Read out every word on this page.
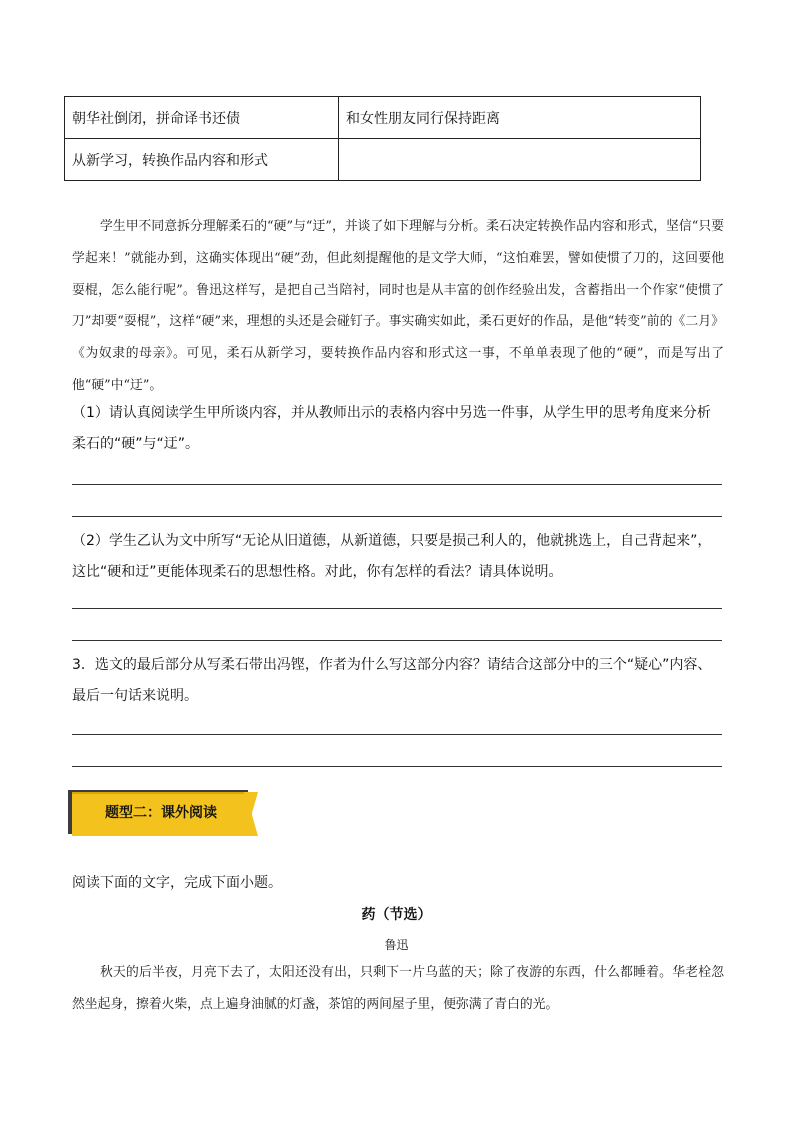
朝华社倒闭，拼命译书还债	和女性朋友同行保持距离
从新学习，转换作品内容和形式	

学生甲不同意拆分理解柔石的“硬”与“迂”，并谈了如下理解与分析。柔石决定转换作品内容和形式，坚信“只要学起来！”就能办到，这确实体现出“硬”劲，但此刻提醒他的是文学大师，“这怕难罢，譬如使惯了刀的，这回要他耍棍，怎么能行呢”。鲁迅这样写，是把自己当陪衬，同时也是从丰富的创作经验出发，含蓄指出一个作家“使惯了刀”却要“耍棍”，这样“硬”来，理想的头还是会碰钉子。事实确实如此，柔石更好的作品，是他“转变”前的《二月》《为奴隶的母亲》。可见，柔石从新学习，要转换作品内容和形式这一事，不单单表现了他的“硬”，而是写出了他“硬”中“迂”。

（1）请认真阅读学生甲所谈内容，并从教师出示的表格内容中另选一件事，从学生甲的思考角度来分析柔石的“硬”与“迂”。

（2）学生乙认为文中所写“无论从旧道德，从新道德，只要是损己利人的，他就挑选上，自己背起来”，这比“硬和迂”更能体现柔石的思想性格。对此，你有怎样的看法？请具体说明。

3．选文的最后部分从写柔石带出冯铿，作者为什么写这部分内容？请结合这部分中的三个“疑心”内容、最后一句话来说明。

题型二：课外阅读

阅读下面的文字，完成下面小题。

药（节选）

鲁迅

秋天的后半夜，月亮下去了，太阳还没有出，只剩下一片乌蓝的天；除了夜游的东西，什么都睡着。华老栓忽然坐起身，擦着火柴，点上遍身油腻的灯盏，茶馆的两间屋子里，便弥满了青白的光。
